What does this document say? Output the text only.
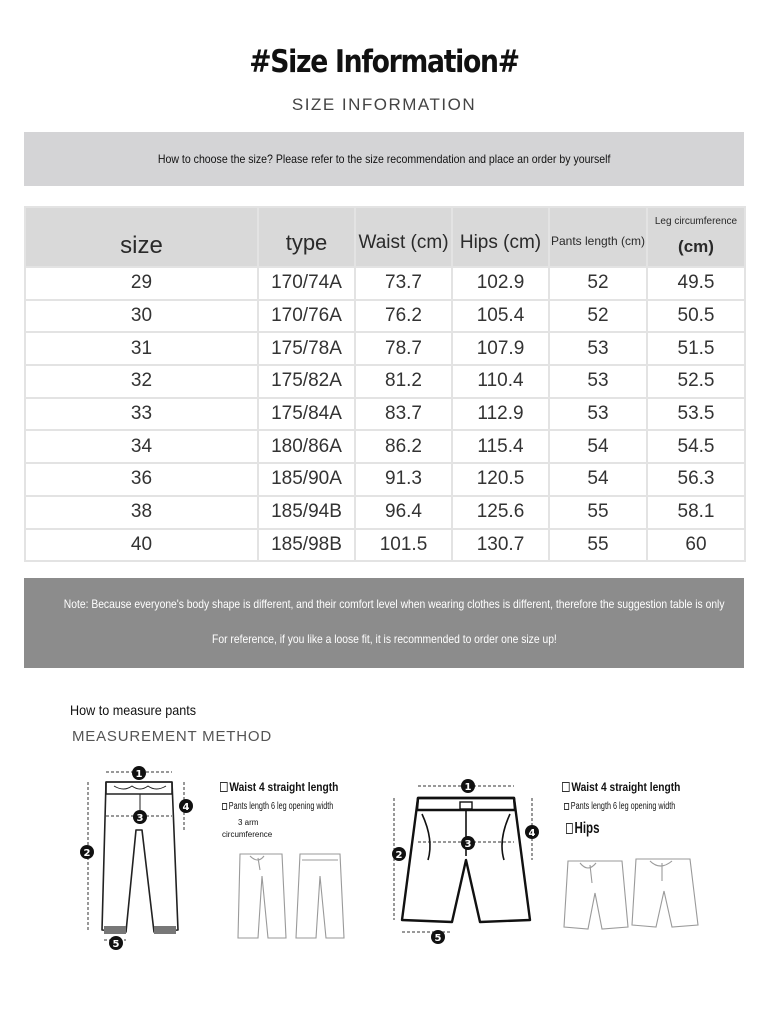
#Size Information#
SIZE INFORMATION
How to choose the size? Please refer to the size recommendation and place an order by yourself
size	type	Waist (cm)	Hips (cm)	Pants length (cm)	Leg circumference
(cm)

29	170/74A	73.7	102.9	52	49.5
30	170/76A	76.2	105.4	52	50.5
31	175/78A	78.7	107.9	53	51.5
32	175/82A	81.2	110.4	53	52.5
33	175/84A	83.7	112.9	53	53.5
34	180/86A	86.2	115.4	54	54.5
36	185/90A	91.3	120.5	54	56.3
38	185/94B	96.4	125.6	55	58.1
40	185/98B	101.5	130.7	55	60
Note: Because everyone's body shape is different, and their comfort level when wearing clothes is different, therefore the suggestion table is only
For reference, if you like a loose fit, it is recommended to order one size up!
How to measure pants
MEASUREMENT METHOD
1
3
4
2
5
Waist 4 straight length
Pants length 6 leg opening width
3 arm
circumference
1
3
4
2
5
Waist 4 straight length
Pants length 6 leg opening width
Hips
